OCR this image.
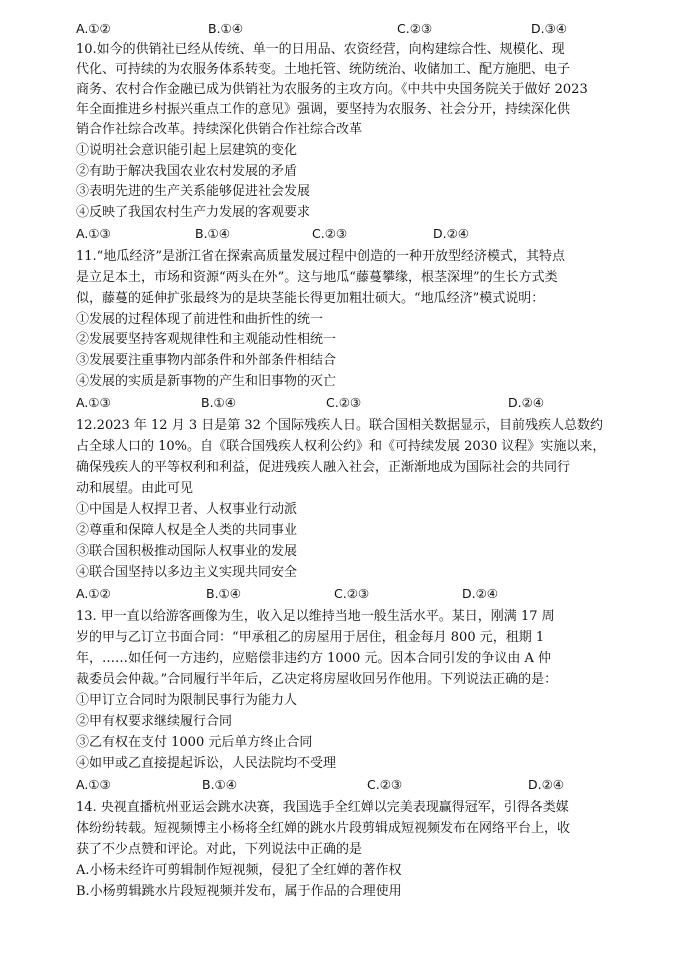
A.①②	B.①④	C.②③	D.③④
10.如今的供销社已经从传统、单一的日用品、农资经营，向构建综合性、规模化、现
代化、可持续的为农服务体系转变。土地托管、统防统治、收储加工、配方施肥、电子
商务、农村合作金融已成为供销社为农服务的主攻方向。《中共中央国务院关于做好 2023
年全面推进乡村振兴重点工作的意见》强调，要坚持为农服务、社会分开，持续深化供
销合作社综合改革。持续深化供销合作社综合改革
①说明社会意识能引起上层建筑的变化
②有助于解决我国农业农村发展的矛盾
③表明先进的生产关系能够促进社会发展
④反映了我国农村生产力发展的客观要求
A.①③	B.①④	C.②③	D.②④
11.“地瓜经济”是浙江省在探索高质量发展过程中创造的一种开放型经济模式，其特点
是立足本土，市场和资源“两头在外”。这与地瓜“藤蔓攀缘，根茎深埋”的生长方式类
似，藤蔓的延伸扩张最终为的是块茎能长得更加粗壮硕大。“地瓜经济”模式说明：
①发展的过程体现了前进性和曲折性的统一
②发展要坚持客观规律性和主观能动性相统一
③发展要注重事物内部条件和外部条件相结合
④发展的实质是新事物的产生和旧事物的灭亡
A.①③	B.①④	C.②③	D.②④
12.2023 年 12 月 3 日是第 32 个国际残疾人日。联合国相关数据显示，目前残疾人总数约
占全球人口的 10%。自《联合国残疾人权利公约》和《可持续发展 2030 议程》实施以来，
确保残疾人的平等权利和利益，促进残疾人融入社会，正渐渐地成为国际社会的共同行
动和展望。由此可见
①中国是人权捍卫者、人权事业行动派
②尊重和保障人权是全人类的共同事业
③联合国积极推动国际人权事业的发展
④联合国坚持以多边主义实现共同安全
A.①②	B.①④	C.②③	D.②④
13. 甲一直以给游客画像为生，收入足以维持当地一般生活水平。某日，刚满 17 周
岁的甲与乙订立书面合同：“甲承租乙的房屋用于居住，租金每月 800 元，租期 1
年，……如任何一方违约，应赔偿非违约方 1000 元。因本合同引发的争议由 A 仲
裁委员会仲裁。”合同履行半年后，乙决定将房屋收回另作他用。下列说法正确的是：
①甲订立合同时为限制民事行为能力人
②甲有权要求继续履行合同
③乙有权在支付 1000 元后单方终止合同
④如甲或乙直接提起诉讼，人民法院均不受理
A.①③	B.①④	C.②③	D.②④
14. 央视直播杭州亚运会跳水决赛，我国选手全红婵以完美表现赢得冠军，引得各类媒
体纷纷转载。短视频博主小杨将全红婵的跳水片段剪辑成短视频发布在网络平台上，收
获了不少点赞和评论。对此，下列说法中正确的是
A.小杨未经许可剪辑制作短视频，侵犯了全红婵的著作权
B.小杨剪辑跳水片段短视频并发布，属于作品的合理使用
